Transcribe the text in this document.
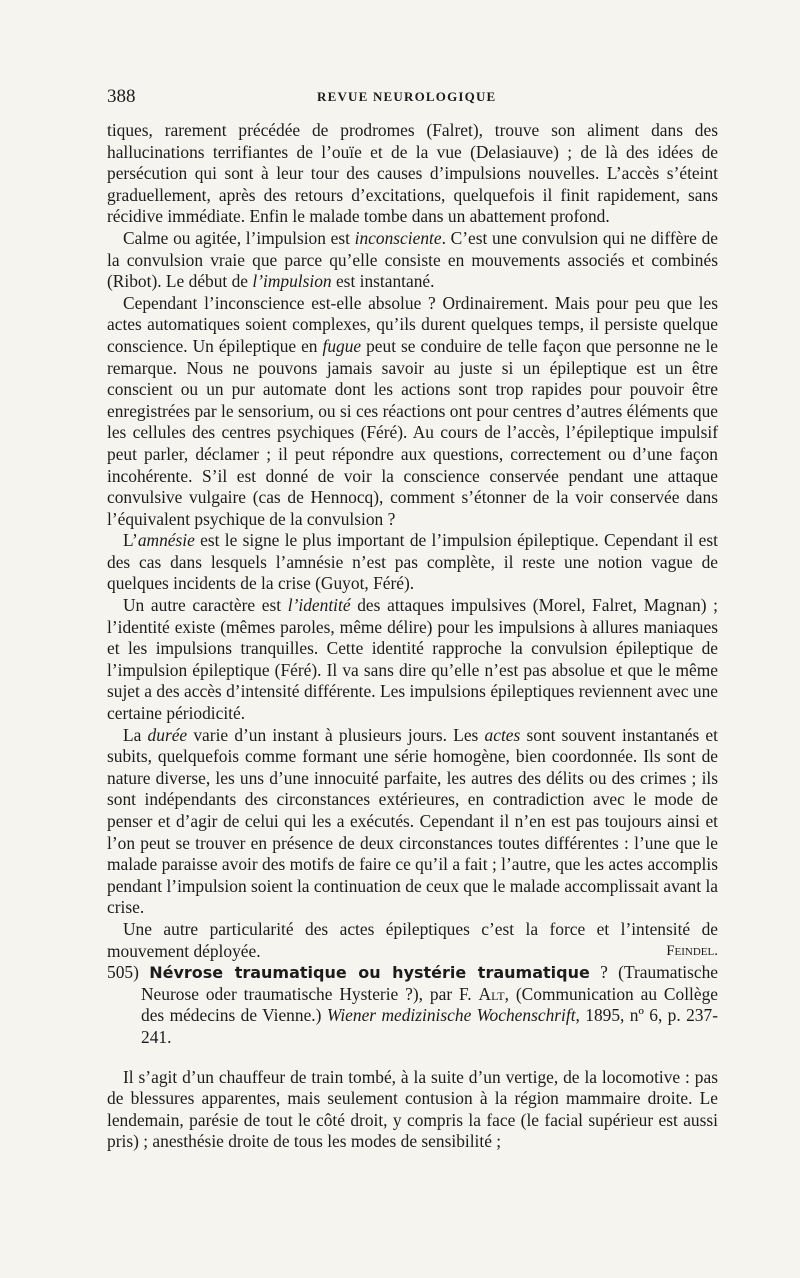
388	REVUE NEUROLOGIQUE

tiques, rarement précédée de prodromes (Falret), trouve son aliment dans des hallucinations terrifiantes de l’ouïe et de la vue (Delasiauve) ; de là des idées de persécution qui sont à leur tour des causes d’impulsions nouvelles. L’accès s’éteint graduellement, après des retours d’excitations, quelquefois il finit rapidement, sans récidive immédiate. Enfin le malade tombe dans un abattement profond.

Calme ou agitée, l’impulsion est inconsciente. C’est une convulsion qui ne diffère de la convulsion vraie que parce qu’elle consiste en mouvements associés et combinés (Ribot). Le début de l’impulsion est instantané.

Cependant l’inconscience est-elle absolue ? Ordinairement. Mais pour peu que les actes automatiques soient complexes, qu’ils durent quelques temps, il persiste quelque conscience. Un épileptique en fugue peut se conduire de telle façon que personne ne le remarque. Nous ne pouvons jamais savoir au juste si un épileptique est un être conscient ou un pur automate dont les actions sont trop rapides pour pouvoir être enregistrées par le sensorium, ou si ces réactions ont pour centres d’autres éléments que les cellules des centres psychiques (Féré). Au cours de l’accès, l’épileptique impulsif peut parler, déclamer ; il peut répondre aux questions, correctement ou d’une façon incohérente. S’il est donné de voir la conscience conservée pendant une attaque convulsive vulgaire (cas de Hennocq), comment s’étonner de la voir conservée dans l’équivalent psychique de la convulsion ?

L’amnésie est le signe le plus important de l’impulsion épileptique. Cependant il est des cas dans lesquels l’amnésie n’est pas complète, il reste une notion vague de quelques incidents de la crise (Guyot, Féré).

Un autre caractère est l’identité des attaques impulsives (Morel, Falret, Magnan) ; l’identité existe (mêmes paroles, même délire) pour les impulsions à allures maniaques et les impulsions tranquilles. Cette identité rapproche la convulsion épileptique de l’impulsion épileptique (Féré). Il va sans dire qu’elle n’est pas absolue et que le même sujet a des accès d’intensité différente. Les impulsions épileptiques reviennent avec une certaine périodicité.

La durée varie d’un instant à plusieurs jours. Les actes sont souvent instantanés et subits, quelquefois comme formant une série homogène, bien coordonnée. Ils sont de nature diverse, les uns d’une innocuité parfaite, les autres des délits ou des crimes ; ils sont indépendants des circonstances extérieures, en contradiction avec le mode de penser et d’agir de celui qui les a exécutés. Cependant il n’en est pas toujours ainsi et l’on peut se trouver en présence de deux circonstances toutes différentes : l’une que le malade paraisse avoir des motifs de faire ce qu’il a fait ; l’autre, que les actes accomplis pendant l’impulsion soient la continuation de ceux que le malade accomplissait avant la crise.

Une autre particularité des actes épileptiques c’est la force et l’intensité de mouvement déployée.	Feindel.

505) Névrose traumatique ou hystérie traumatique ? (Traumatische Neurose oder traumatische Hysterie ?), par F. Alt, (Communication au Collège des médecins de Vienne.) Wiener medizinische Wochenschrift, 1895, nº 6, p. 237-241.

Il s’agit d’un chauffeur de train tombé, à la suite d’un vertige, de la locomotive : pas de blessures apparentes, mais seulement contusion à la région mammaire droite. Le lendemain, parésie de tout le côté droit, y compris la face (le facial supérieur est aussi pris) ; anesthésie droite de tous les modes de sensibilité ;
